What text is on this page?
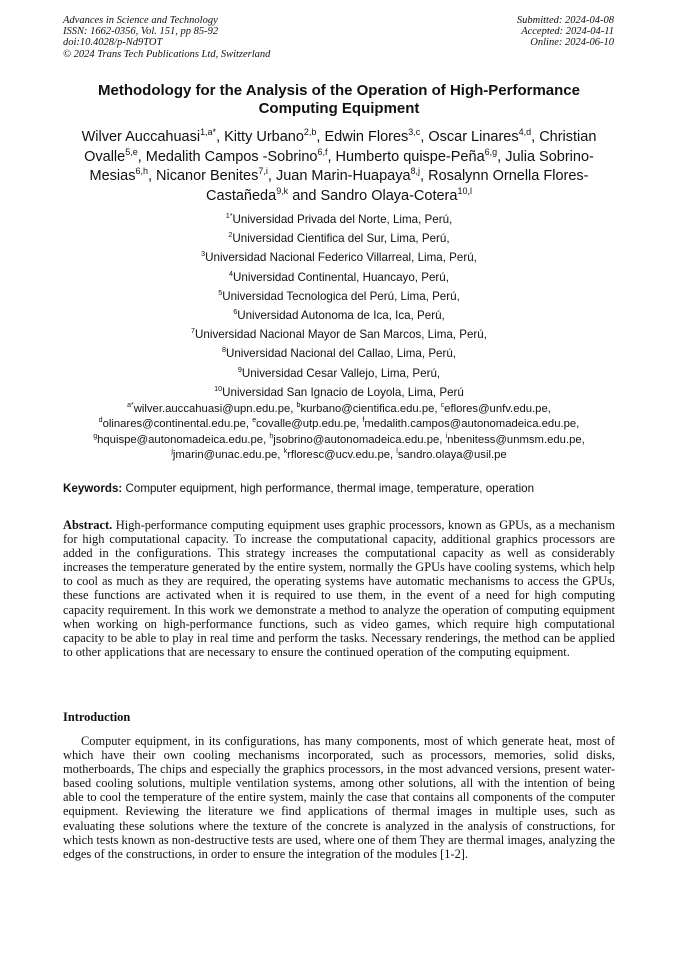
Advances in Science and Technology
ISSN: 1662-0356, Vol. 151, pp 85-92
doi:10.4028/p-Nd9TOT
© 2024 Trans Tech Publications Ltd, Switzerland
Submitted: 2024-04-08
Accepted: 2024-04-11
Online: 2024-06-10
Methodology for the Analysis of the Operation of High-Performance Computing Equipment
Wilver Auccahuasi$^{1,a*}$, Kitty Urbano$^{2,b}$, Edwin Flores$^{3,c}$, Oscar Linares$^{4,d}$, Christian Ovalle$^{5,e}$, Medalith Campos -Sobrino$^{6,f}$, Humberto quispe-Peña$^{6,g}$, Julia Sobrino-Mesias$^{6,h}$, Nicanor Benites$^{7,i}$, Juan Marin-Huapaya$^{8,j}$, Rosalynn Ornella Flores-Castañeda$^{9,k}$ and Sandro Olaya-Cotera$^{10,l}$
$^{1*}$Universidad Privada del Norte, Lima, Perú,
$^2$Universidad Cientifica del Sur, Lima, Perú,
$^3$Universidad Nacional Federico Villarreal, Lima, Perú,
$^4$Universidad Continental, Huancayo, Perú,
$^5$Universidad Tecnologica del Perú, Lima, Perú,
$^6$Universidad Autonoma de Ica, Ica, Perú,
$^7$Universidad Nacional Mayor de San Marcos, Lima, Perú,
$^8$Universidad Nacional del Callao, Lima, Perú,
$^9$Universidad Cesar Vallejo, Lima, Perú,
$^{10}$Universidad San Ignacio de Loyola, Lima, Perú
$^{a*}$wilver.auccahuasi@upn.edu.pe, $^b$kurbano@cientifica.edu.pe, $^c$eflores@unfv.edu.pe,
$^d$olinares@continental.edu.pe, $^e$covalle@utp.edu.pe, $^f$medalith.campos@autonomadeica.edu.pe,
$^g$hquispe@autonomadeica.edu.pe, $^h$jsobrino@autonomadeica.edu.pe, $^i$nbenitess@unmsm.edu.pe,
$^j$jmarin@unac.edu.pe, $^k$rfloresc@ucv.edu.pe, $^l$sandro.olaya@usil.pe
Keywords: Computer equipment, high performance, thermal image, temperature, operation

Abstract. High-performance computing equipment uses graphic processors, known as GPUs, as a mechanism for high computational capacity. To increase the computational capacity, additional graphics processors are added in the configurations. This strategy increases the computational capacity as well as considerably increases the temperature generated by the entire system, normally the GPUs have cooling systems, which help to cool as much as they are required, the operating systems have automatic mechanisms to access the GPUs, these functions are activated when it is required to use them, in the event of a need for high computing capacity requirement. In this work we demonstrate a method to analyze the operation of computing equipment when working on high-performance functions, such as video games, which require high computational capacity to be able to play in real time and perform the tasks. Necessary renderings, the method can be applied to other applications that are necessary to ensure the continued operation of the computing equipment.

Introduction

Computer equipment, in its configurations, has many components, most of which generate heat, most of which have their own cooling mechanisms incorporated, such as processors, memories, solid disks, motherboards, The chips and especially the graphics processors, in the most advanced versions, present water-based cooling solutions, multiple ventilation systems, among other solutions, all with the intention of being able to cool the temperature of the entire system, mainly the case that contains all components of the computer equipment. Reviewing the literature we find applications of thermal images in multiple uses, such as evaluating these solutions where the texture of the concrete is analyzed in the analysis of constructions, for which tests known as non-destructive tests are used, where one of them They are thermal images, analyzing the edges of the constructions, in order to ensure the integration of the modules [1-2].
